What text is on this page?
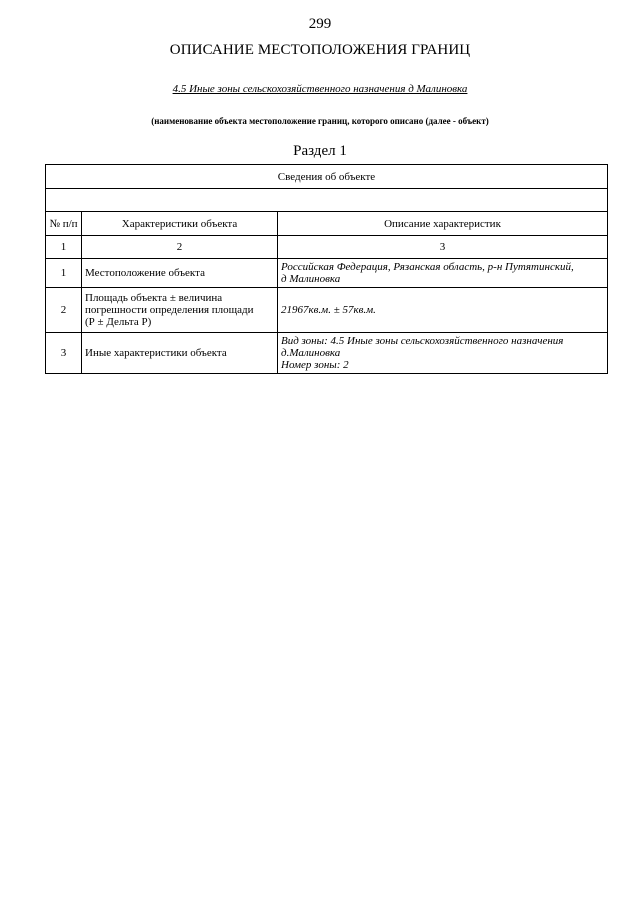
299
ОПИСАНИЕ МЕСТОПОЛОЖЕНИЯ ГРАНИЦ
4.5 Иные зоны сельскохозяйственного назначения д Малиновка
(наименование объекта местоположение границ, которого описано (далее - объект)
Раздел 1
Сведения об объекте		

№ п/п	Характеристики объекта	Описание характеристик
1	2	3
1	Местоположение объекта	Российская Федерация, Рязанская область, р-н Путятинский,
д Малиновка

2	Площадь объекта ± величина
погрешности определения площади
(Р ± Дельта Р)	21967кв.м. ± 57кв.м.
3	Иные характеристики объекта	Вид зоны: 4.5 Иные зоны сельскохозяйственного назначения
д.Малиновка
Номер зоны: 2
